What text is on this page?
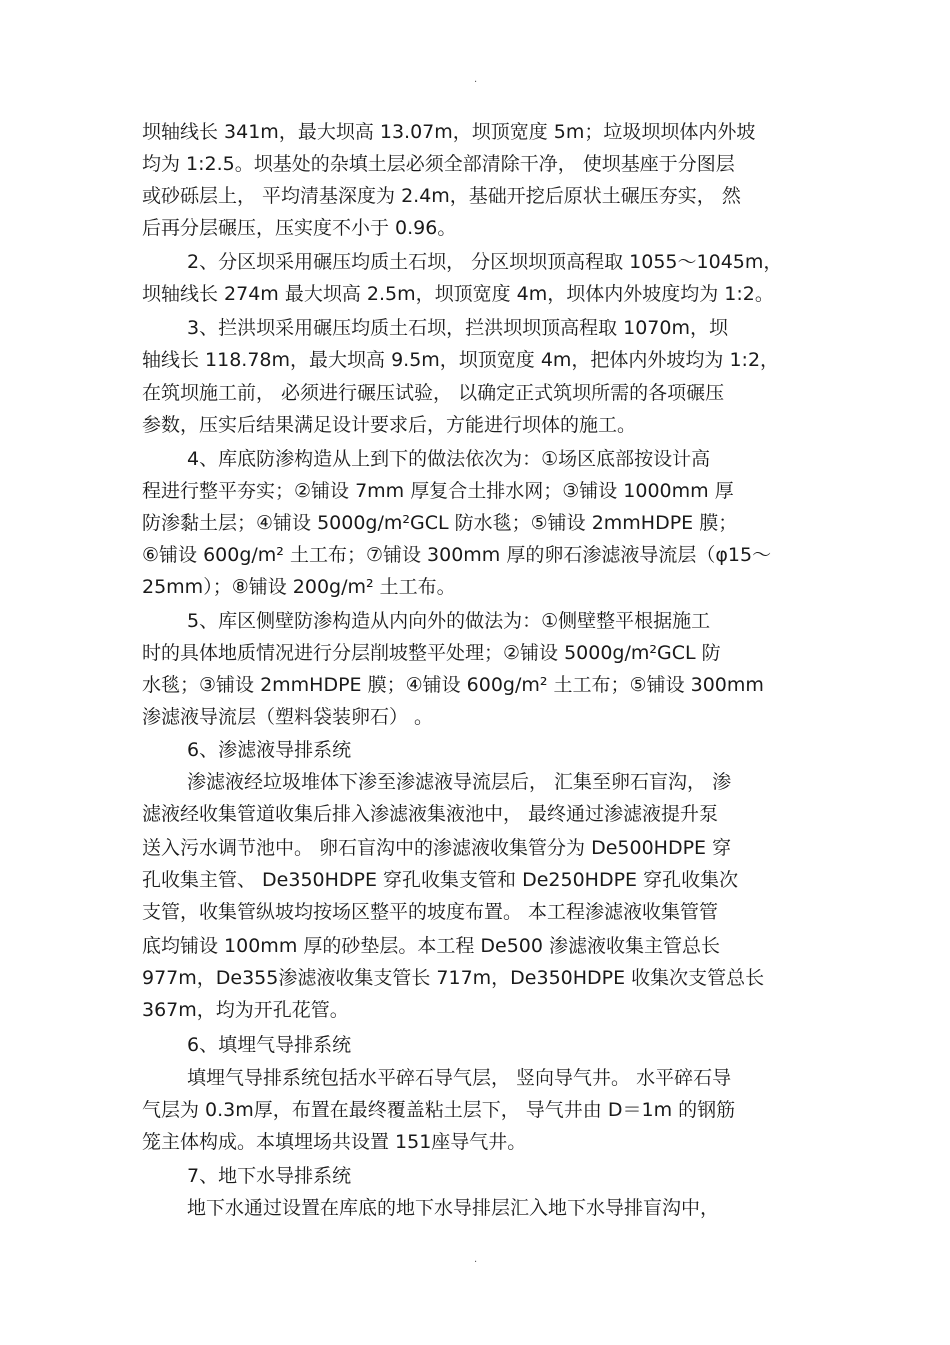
·
坝轴线长 341m，最大坝高 13.07m，坝顶宽度 5m；垃圾坝坝体内外坡
均为 1:2.5。坝基处的杂填土层必须全部清除干净， 使坝基座于分图层
或砂砾层上， 平均清基深度为 2.4m，基础开挖后原状土碾压夯实， 然
后再分层碾压，压实度不小于 0.96。
2、分区坝采用碾压均质土石坝， 分区坝坝顶高程取 1055～1045m，
坝轴线长 274m 最大坝高 2.5m，坝顶宽度 4m，坝体内外坡度均为 1:2。
3、拦洪坝采用碾压均质土石坝，拦洪坝坝顶高程取 1070m，坝
轴线长 118.78m，最大坝高 9.5m，坝顶宽度 4m，把体内外坡均为 1:2，
在筑坝施工前， 必须进行碾压试验， 以确定正式筑坝所需的各项碾压
参数，压实后结果满足设计要求后，方能进行坝体的施工。
4、库底防渗构造从上到下的做法依次为：①场区底部按设计高
程进行整平夯实；②铺设 7mm 厚复合土排水网；③铺设 1000mm 厚
防渗黏土层；④铺设 5000g/m²GCL 防水毯；⑤铺设 2mmHDPE 膜；
⑥铺设 600g/m² 土工布；⑦铺设 300mm 厚的卵石渗滤液导流层（φ15～
25mm）；⑧铺设 200g/m² 土工布。
5、库区侧壁防渗构造从内向外的做法为：①侧壁整平根据施工
时的具体地质情况进行分层削坡整平处理；②铺设 5000g/m²GCL 防
水毯；③铺设 2mmHDPE 膜；④铺设 600g/m² 土工布；⑤铺设 300mm
渗滤液导流层（塑料袋装卵石） 。
6、渗滤液导排系统
渗滤液经垃圾堆体下渗至渗滤液导流层后， 汇集至卵石盲沟， 渗
滤液经收集管道收集后排入渗滤液集液池中， 最终通过渗滤液提升泵
送入污水调节池中。 卵石盲沟中的渗滤液收集管分为 De500HDPE 穿
孔收集主管、 De350HDPE 穿孔收集支管和 De250HDPE 穿孔收集次
支管，收集管纵坡均按场区整平的坡度布置。 本工程渗滤液收集管管
底均铺设 100mm 厚的砂垫层。本工程 De500 渗滤液收集主管总长
977m，De355渗滤液收集支管长 717m，De350HDPE 收集次支管总长
367m，均为开孔花管。
6、填埋气导排系统
填埋气导排系统包括水平碎石导气层， 竖向导气井。 水平碎石导
气层为 0.3m厚，布置在最终覆盖粘土层下， 导气井由 D＝1m 的钢筋
笼主体构成。本填埋场共设置 151座导气井。
7、地下水导排系统
地下水通过设置在库底的地下水导排层汇入地下水导排盲沟中，
·
